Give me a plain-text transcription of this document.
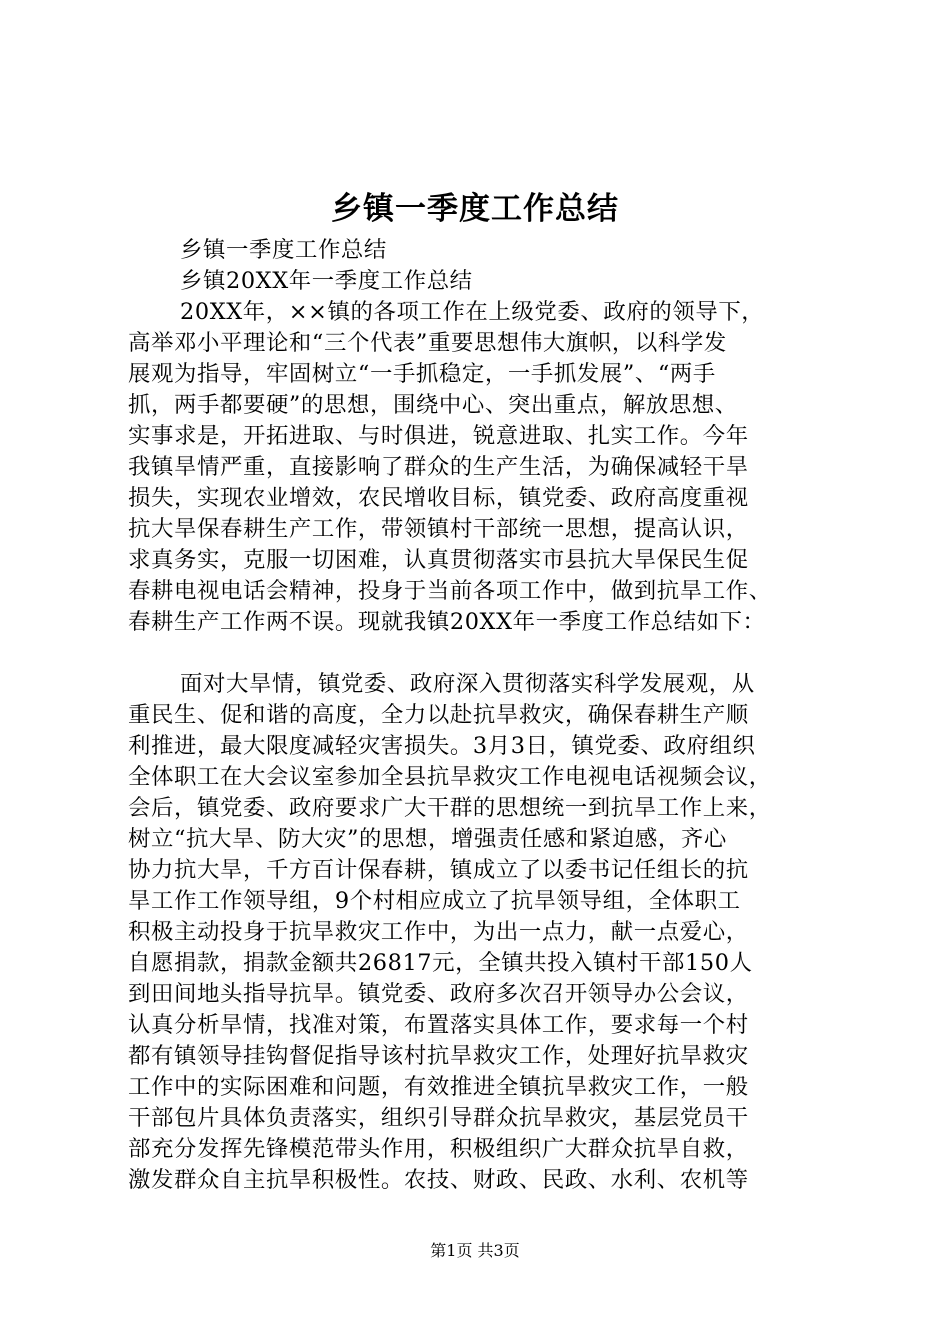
乡镇一季度工作总结
乡镇一季度工作总结
乡镇20XX年一季度工作总结
20XX年，××镇的各项工作在上级党委、政府的领导下，
高举邓小平理论和“三个代表”重要思想伟大旗帜，以科学发
展观为指导，牢固树立“一手抓稳定，一手抓发展”、“两手
抓，两手都要硬”的思想，围绕中心、突出重点，解放思想、
实事求是，开拓进取、与时俱进，锐意进取、扎实工作。今年
我镇旱情严重，直接影响了群众的生产生活，为确保减轻干旱
损失，实现农业增效，农民增收目标，镇党委、政府高度重视
抗大旱保春耕生产工作，带领镇村干部统一思想，提高认识，
求真务实，克服一切困难，认真贯彻落实市县抗大旱保民生促
春耕电视电话会精神，投身于当前各项工作中，做到抗旱工作、
春耕生产工作两不误。现就我镇20XX年一季度工作总结如下：
面对大旱情，镇党委、政府深入贯彻落实科学发展观，从
重民生、促和谐的高度，全力以赴抗旱救灾，确保春耕生产顺
利推进，最大限度减轻灾害损失。3月3日，镇党委、政府组织
全体职工在大会议室参加全县抗旱救灾工作电视电话视频会议，
会后，镇党委、政府要求广大干群的思想统一到抗旱工作上来，
树立“抗大旱、防大灾”的思想，增强责任感和紧迫感，齐心
协力抗大旱，千方百计保春耕，镇成立了以委书记任组长的抗
旱工作工作领导组，9个村相应成立了抗旱领导组，全体职工
积极主动投身于抗旱救灾工作中，为出一点力，献一点爱心，
自愿捐款，捐款金额共26817元，全镇共投入镇村干部150人
到田间地头指导抗旱。镇党委、政府多次召开领导办公会议，
认真分析旱情，找准对策，布置落实具体工作，要求每一个村
都有镇领导挂钩督促指导该村抗旱救灾工作，处理好抗旱救灾
工作中的实际困难和问题，有效推进全镇抗旱救灾工作，一般
干部包片具体负责落实，组织引导群众抗旱救灾，基层党员干
部充分发挥先锋模范带头作用，积极组织广大群众抗旱自救，
激发群众自主抗旱积极性。农技、财政、民政、水利、农机等
第1页 共3页
